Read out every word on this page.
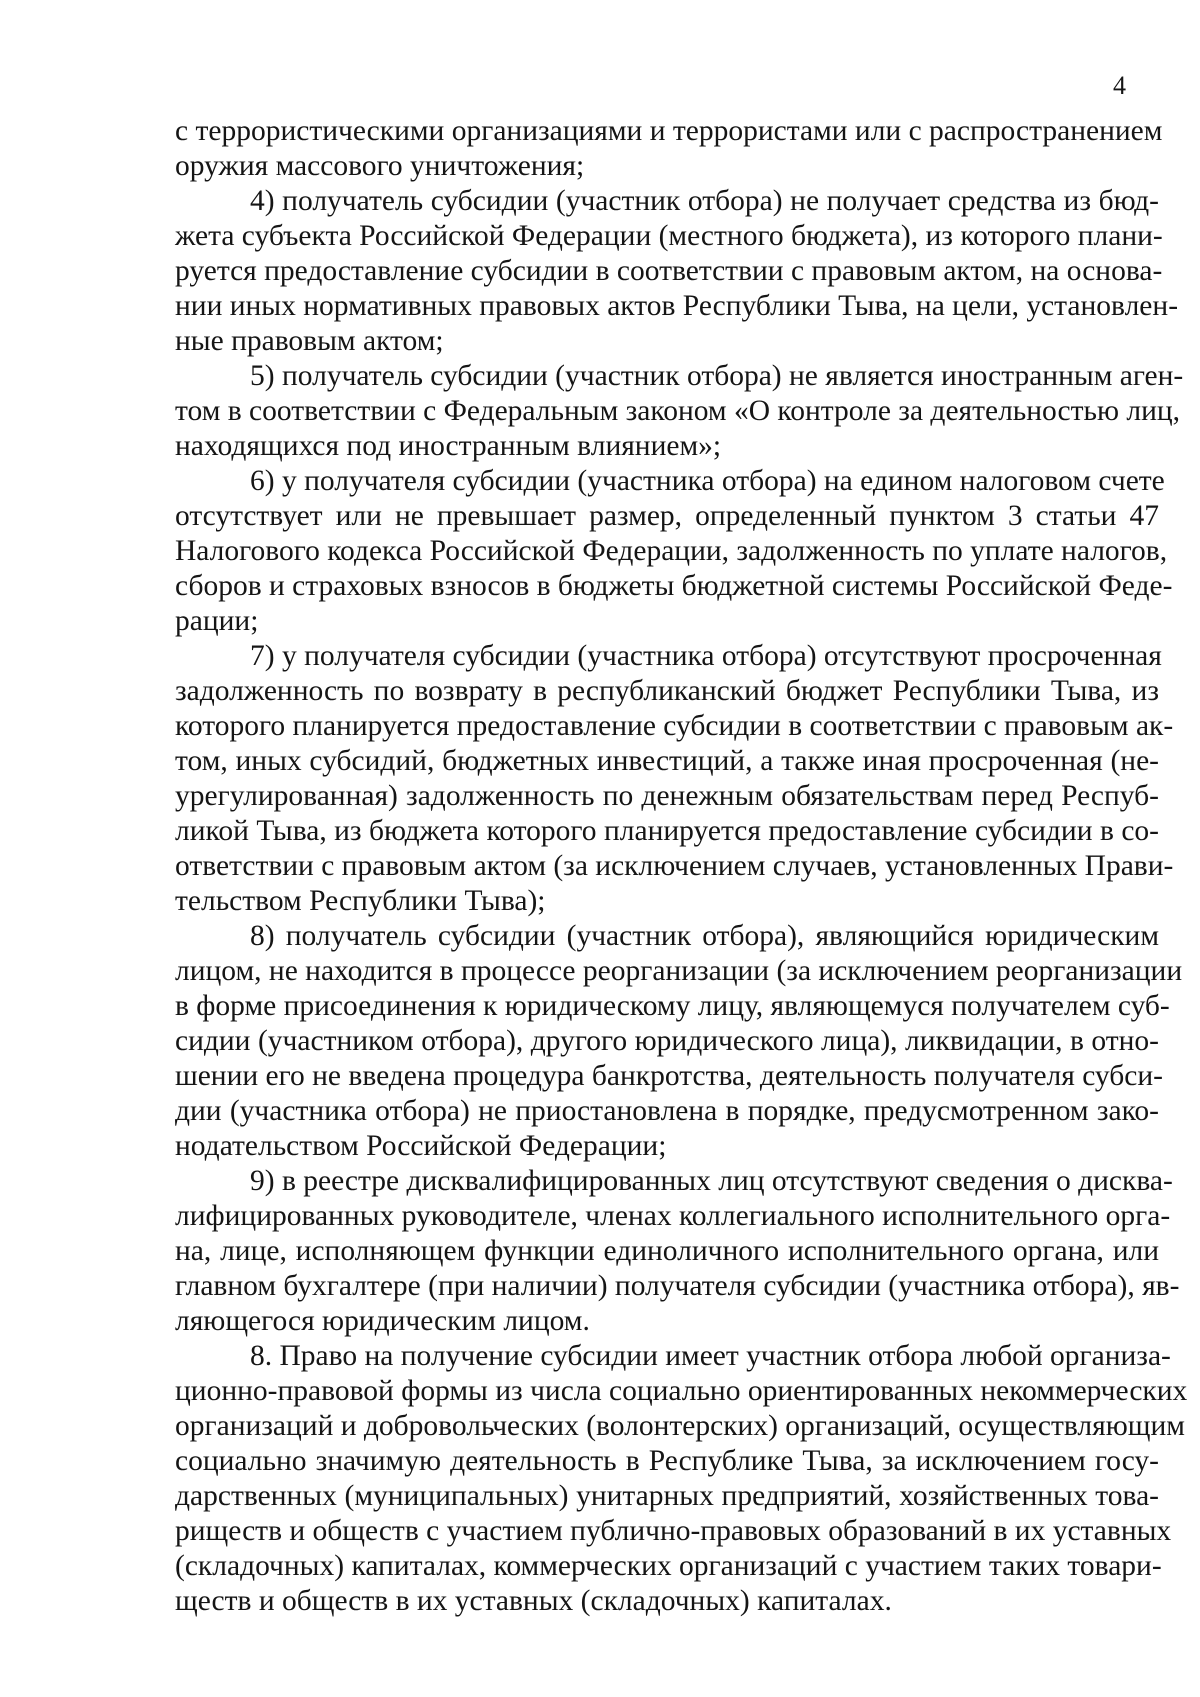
4
с террористическими организациями и террористами или с распространением
оружия массового уничтожения;
4) получатель субсидии (участник отбора) не получает средства из бюд-
жета субъекта Российской Федерации (местного бюджета), из которого плани-
руется предоставление субсидии в соответствии с правовым актом, на основа-
нии иных нормативных правовых актов Республики Тыва, на цели, установлен-
ные правовым актом;
5) получатель субсидии (участник отбора) не является иностранным аген-
том в соответствии с Федеральным законом «О контроле за деятельностью лиц,
находящихся под иностранным влиянием»;
6) у получателя субсидии (участника отбора) на едином налоговом счете
отсутствует или не превышает размер, определенный пунктом 3 статьи 47
Налогового кодекса Российской Федерации, задолженность по уплате налогов,
сборов и страховых взносов в бюджеты бюджетной системы Российской Феде-
рации;
7) у получателя субсидии (участника отбора) отсутствуют просроченная
задолженность по возврату в республиканский бюджет Республики Тыва, из
которого планируется предоставление субсидии в соответствии с правовым ак-
том, иных субсидий, бюджетных инвестиций, а также иная просроченная (не-
урегулированная) задолженность по денежным обязательствам перед Респуб-
ликой Тыва, из бюджета которого планируется предоставление субсидии в со-
ответствии с правовым актом (за исключением случаев, установленных Прави-
тельством Республики Тыва);
8) получатель субсидии (участник отбора), являющийся юридическим
лицом, не находится в процессе реорганизации (за исключением реорганизации
в форме присоединения к юридическому лицу, являющемуся получателем суб-
сидии (участником отбора), другого юридического лица), ликвидации, в отно-
шении его не введена процедура банкротства, деятельность получателя субси-
дии (участника отбора) не приостановлена в порядке, предусмотренном зако-
нодательством Российской Федерации;
9) в реестре дисквалифицированных лиц отсутствуют сведения о дисква-
лифицированных руководителе, членах коллегиального исполнительного орга-
на, лице, исполняющем функции единоличного исполнительного органа, или
главном бухгалтере (при наличии) получателя субсидии (участника отбора), яв-
ляющегося юридическим лицом.
8. Право на получение субсидии имеет участник отбора любой организа-
ционно-правовой формы из числа социально ориентированных некоммерческих
организаций и добровольческих (волонтерских) организаций, осуществляющим
социально значимую деятельность в Республике Тыва, за исключением госу-
дарственных (муниципальных) унитарных предприятий, хозяйственных това-
риществ и обществ с участием публично-правовых образований в их уставных
(складочных) капиталах, коммерческих организаций с участием таких товари-
ществ и обществ в их уставных (складочных) капиталах.
